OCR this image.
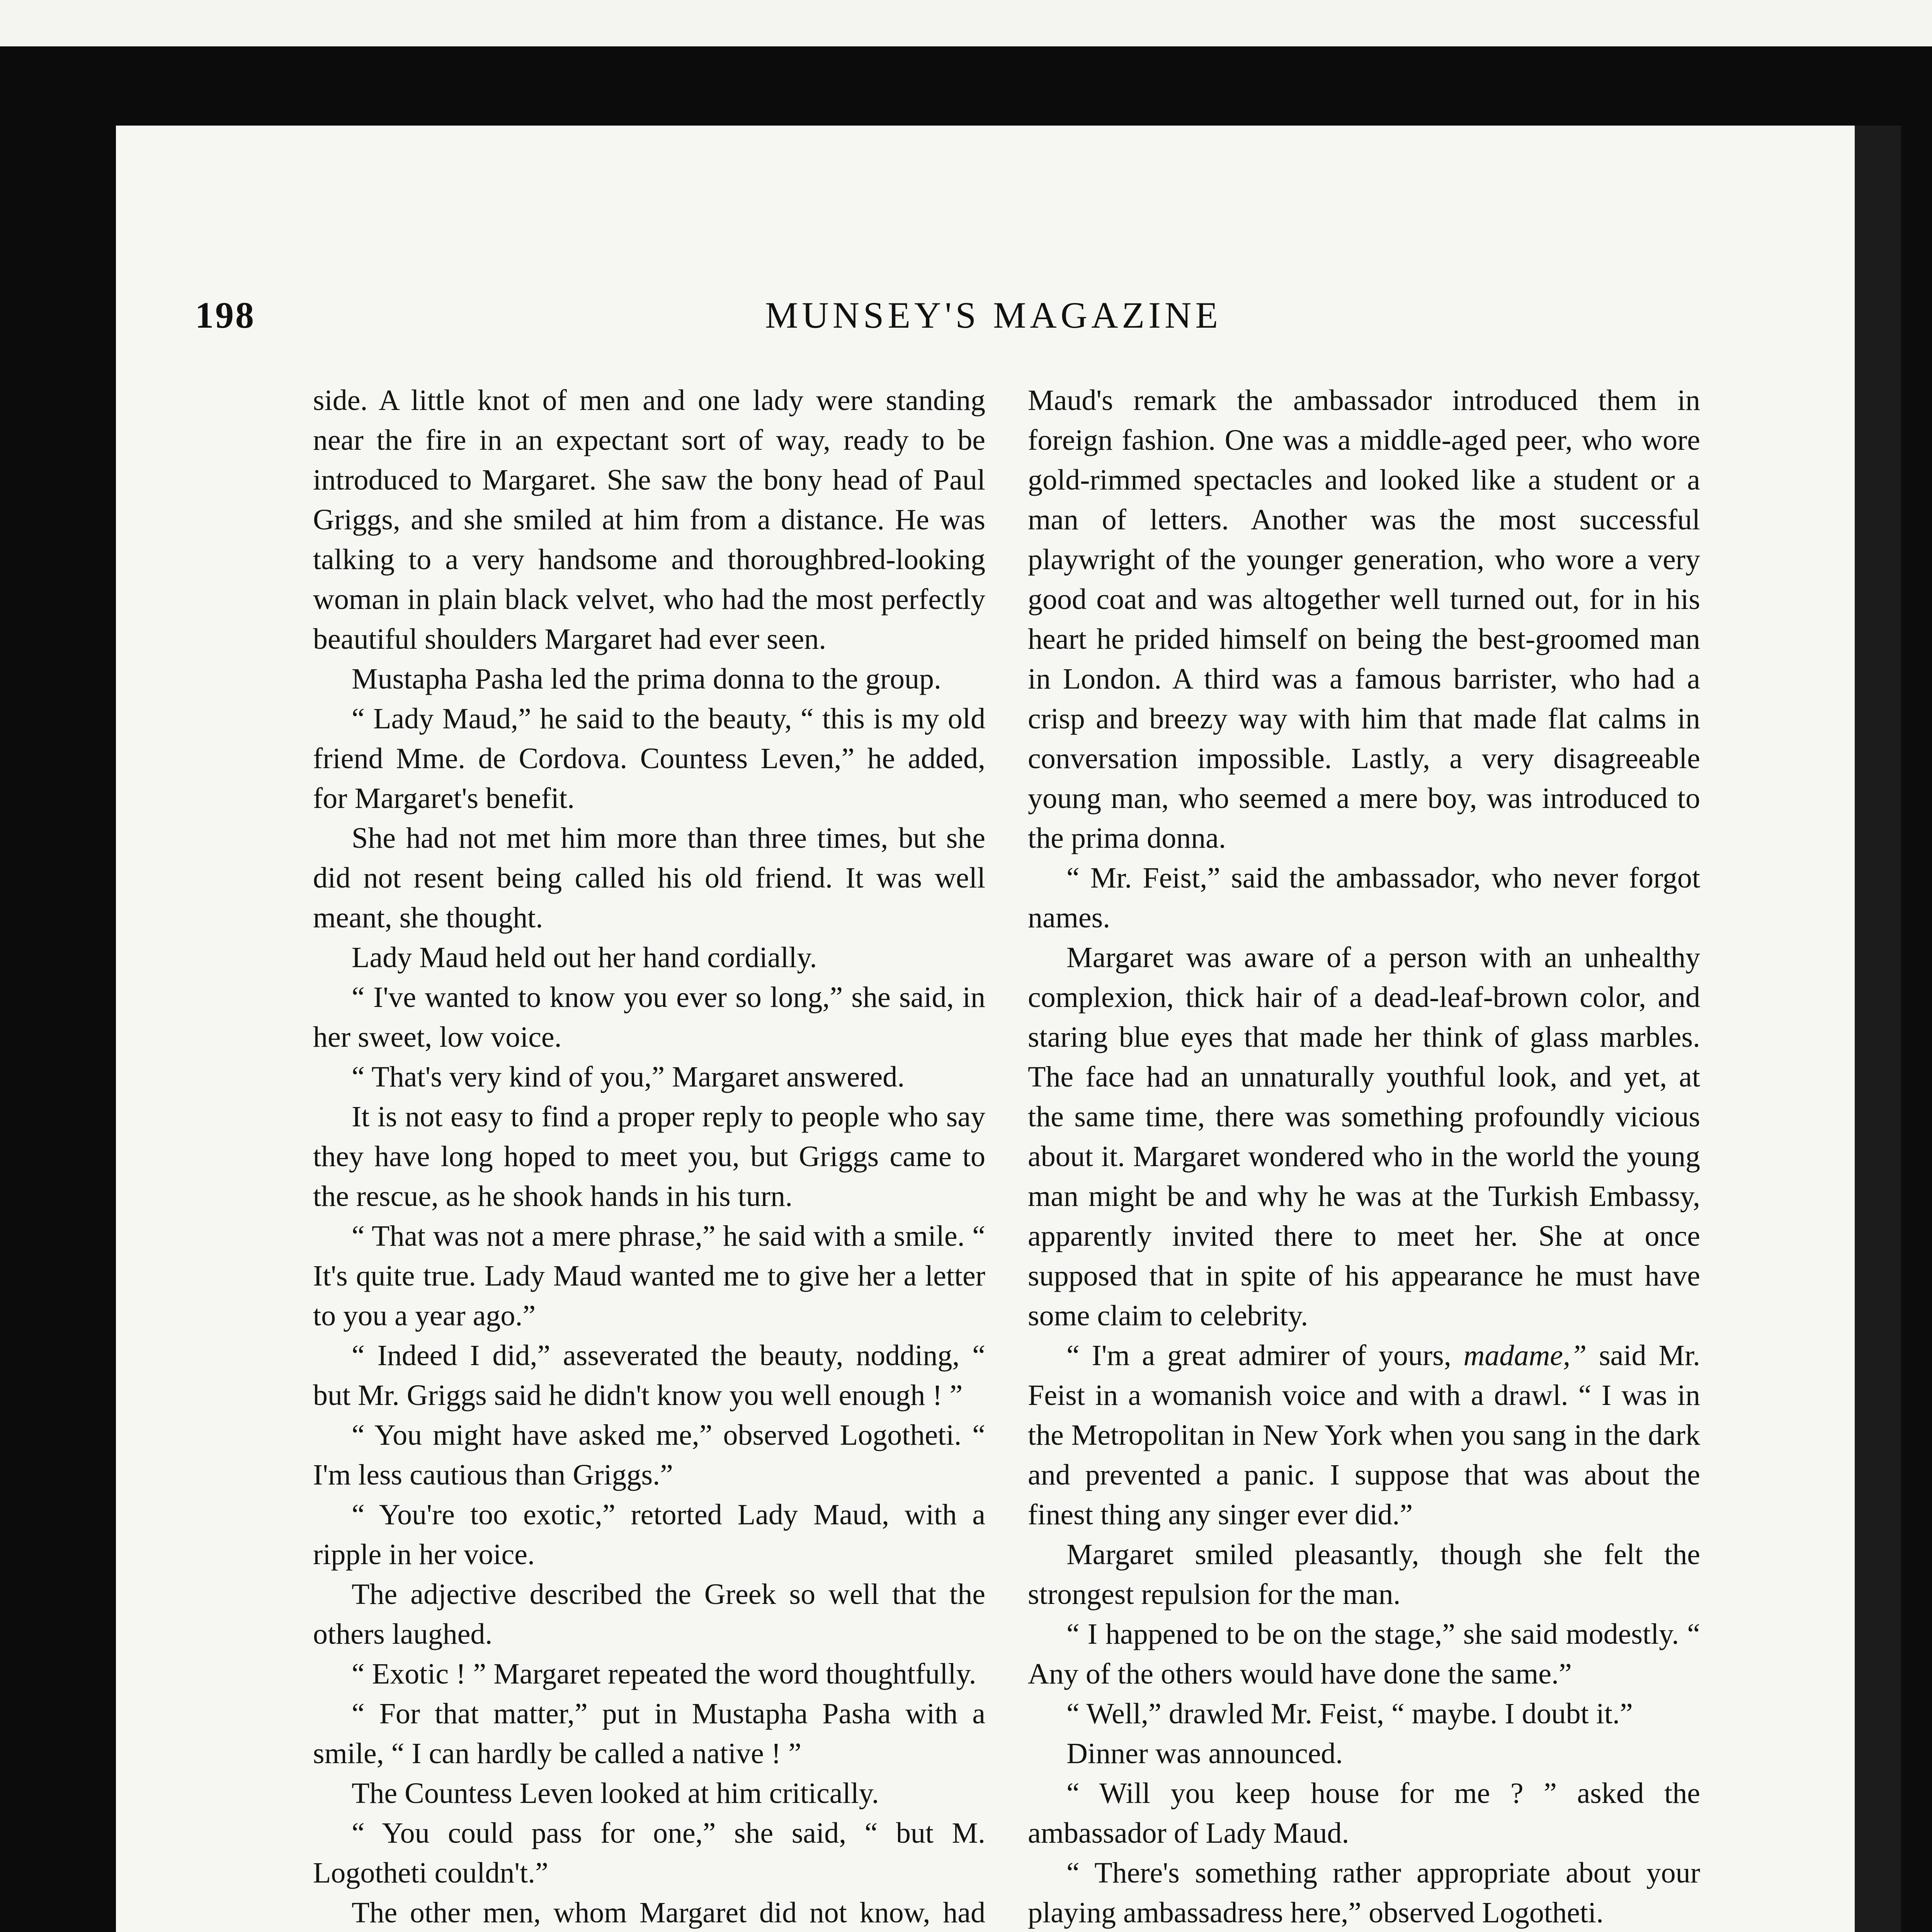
198	MUNSEY'S MAGAZINE

side. A little knot of men and one lady were standing near the fire in an expectant sort of way, ready to be introduced to Margaret. She saw the bony head of Paul Griggs, and she smiled at him from a distance. He was talking to a very handsome and thoroughbred-looking woman in plain black velvet, who had the most perfectly beautiful shoulders Margaret had ever seen.

Mustapha Pasha led the prima donna to the group.

“ Lady Maud,” he said to the beauty, “ this is my old friend Mme. de Cordova. Countess Leven,” he added, for Margaret's benefit.

She had not met him more than three times, but she did not resent being called his old friend. It was well meant, she thought.

Lady Maud held out her hand cordially.

“ I've wanted to know you ever so long,” she said, in her sweet, low voice.

“ That's very kind of you,” Margaret answered.

It is not easy to find a proper reply to people who say they have long hoped to meet you, but Griggs came to the rescue, as he shook hands in his turn.

“ That was not a mere phrase,” he said with a smile. “ It's quite true. Lady Maud wanted me to give her a letter to you a year ago.”

“ Indeed I did,” asseverated the beauty, nodding, “ but Mr. Griggs said he didn't know you well enough ! ”

“ You might have asked me,” observed Logotheti. “ I'm less cautious than Griggs.”

“ You're too exotic,” retorted Lady Maud, with a ripple in her voice.

The adjective described the Greek so well that the others laughed.

“ Exotic ! ” Margaret repeated the word thoughtfully.

“ For that matter,” put in Mustapha Pasha with a smile, “ I can hardly be called a native ! ”

The Countess Leven looked at him critically.

“ You could pass for one,” she said, “ but M. Logotheti couldn't.”

The other men, whom Margaret did not know, had

Maud's remark the ambassador introduced them in foreign fashion. One was a middle-aged peer, who wore gold-rimmed spectacles and looked like a student or a man of letters. Another was the most successful playwright of the younger generation, who wore a very good coat and was altogether well turned out, for in his heart he prided himself on being the best-groomed man in London. A third was a famous barrister, who had a crisp and breezy way with him that made flat calms in conversation impossible. Lastly, a very disagreeable young man, who seemed a mere boy, was introduced to the prima donna.

“ Mr. Feist,” said the ambassador, who never forgot names.

Margaret was aware of a person with an unhealthy complexion, thick hair of a dead-leaf-brown color, and staring blue eyes that made her think of glass marbles. The face had an unnaturally youthful look, and yet, at the same time, there was something profoundly vicious about it. Margaret wondered who in the world the young man might be and why he was at the Turkish Embassy, apparently invited there to meet her. She at once supposed that in spite of his appearance he must have some claim to celebrity.

“ I'm a great admirer of yours, madame,” said Mr. Feist in a womanish voice and with a drawl. “ I was in the Metropolitan in New York when you sang in the dark and prevented a panic. I suppose that was about the finest thing any singer ever did.”

Margaret smiled pleasantly, though she felt the strongest repulsion for the man.

“ I happened to be on the stage,” she said modestly. “ Any of the others would have done the same.”

“ Well,” drawled Mr. Feist, “ maybe. I doubt it.”

Dinner was announced.

“ Will you keep house for me ? ” asked the ambassador of Lady Maud.

“ There's something rather appropriate about your playing ambassadress here,” observed Logotheti.
